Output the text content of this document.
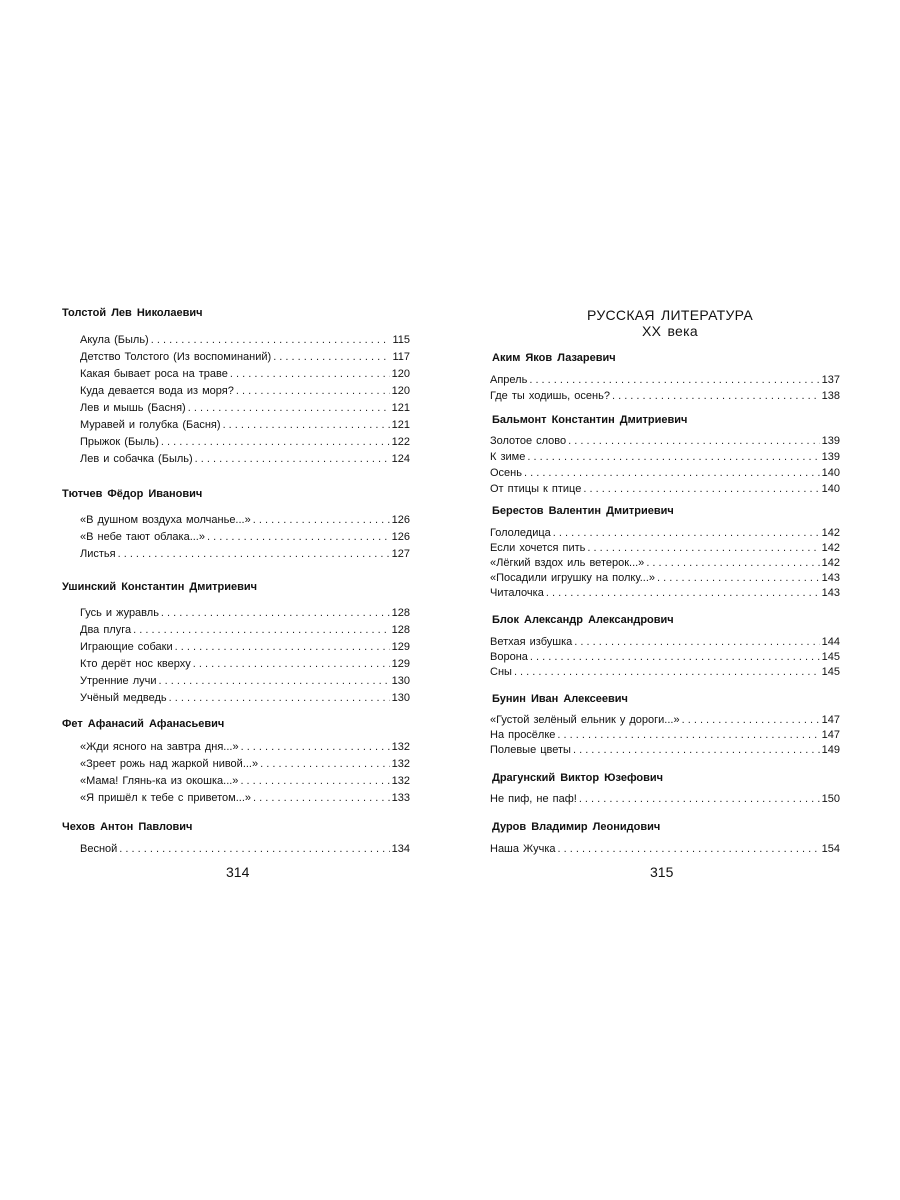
Толстой Лев Николаевич
Акула (Быль) . . .	115
Детство Толстого (Из воспоминаний) . . .	117
Какая бывает роса на траве . . .	120
Куда девается вода из моря? . . .	120
Лев и мышь (Басня) . . .	121
Муравей и голубка (Басня) . . .	121
Прыжок (Быль) . . .	122
Лев и собачка (Быль) . . .	124
Тютчев Фёдор Иванович
«В душном воздуха молчанье...» . . .	126
«В небе тают облака...» . . .	126
Листья . . .	127
Ушинский Константин Дмитриевич
Гусь и журавль . . .	128
Два плуга . . .	128
Играющие собаки . . .	129
Кто дерёт нос кверху . . .	129
Утренние лучи . . .	130
Учёный медведь . . .	130
Фет Афанасий Афанасьевич
«Жди ясного на завтра дня...» . . .	132
«Зреет рожь над жаркой нивой...» . . .	132
«Мама! Глянь-ка из окошка...» . . .	132
«Я пришёл к тебе с приветом...» . . .	133
Чехов Антон Павлович
Весной . . .	134
314
РУССКАЯ ЛИТЕРАТУРА
XX века
Аким Яков Лазаревич
Апрель . . .	137
Где ты ходишь, осень? . . .	138
Бальмонт Константин Дмитриевич
Золотое слово . . .	139
К зиме . . .	139
Осень . . .	140
От птицы к птице . . .	140
Берестов Валентин Дмитриевич
Гололедица . . .	142
Если хочется пить . . .	142
«Лёгкий вздох иль ветерок...» . . .	142
«Посадили игрушку на полку...» . . .	143
Читалочка . . .	143
Блок Александр Александрович
Ветхая избушка . . .	144
Ворона . . .	145
Сны . . .	145
Бунин Иван Алексеевич
«Густой зелёный ельник у дороги...» . . .	147
На просёлке . . .	147
Полевые цветы . . .	149
Драгунский Виктор Юзефович
Не пиф, не паф! . . .	150
Дуров Владимир Леонидович
Наша Жучка . . .	154
315
